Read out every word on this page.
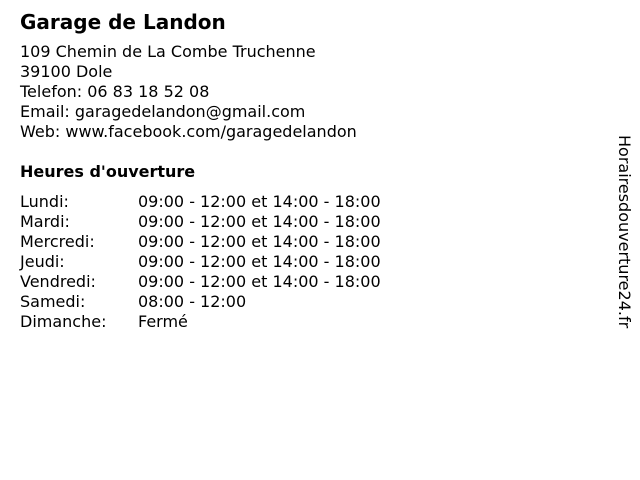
Garage de Landon
109 Chemin de La Combe Truchenne
39100 Dole
Telefon: 06 83 18 52 08
Email: garagedelandon@gmail.com
Web: www.facebook.com/garagedelandon
Heures d'ouverture
Lundi:	09:00 - 12:00 et 14:00 - 18:00
Mardi:	09:00 - 12:00 et 14:00 - 18:00
Mercredi:	09:00 - 12:00 et 14:00 - 18:00
Jeudi:	09:00 - 12:00 et 14:00 - 18:00
Vendredi:	09:00 - 12:00 et 14:00 - 18:00
Samedi:	08:00 - 12:00
Dimanche:	Fermé	Horairesdouverture24.fr
